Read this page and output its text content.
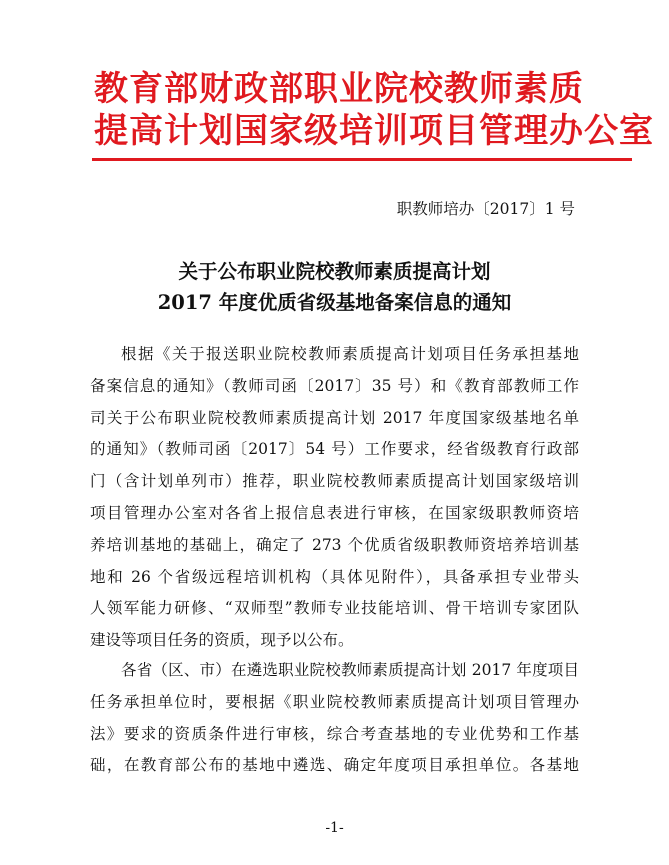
教育部财政部职业院校教师素质
提高计划国家级培训项目管理办公室
职教师培办〔2017〕1 号
关于公布职业院校教师素质提高计划
2017 年度优质省级基地备案信息的通知
根据《关于报送职业院校教师素质提高计划项目任务承担基地
备案信息的通知》（教师司函〔2017〕35 号）和《教育部教师工作
司关于公布职业院校教师素质提高计划 2017 年度国家级基地名单
的通知》（教师司函〔2017〕54 号）工作要求，经省级教育行政部
门（含计划单列市）推荐，职业院校教师素质提高计划国家级培训
项目管理办公室对各省上报信息表进行审核，在国家级职教师资培
养培训基地的基础上，确定了 273 个优质省级职教师资培养培训基
地和 26 个省级远程培训机构（具体见附件），具备承担专业带头
人领军能力研修、“双师型”教师专业技能培训、骨干培训专家团队
建设等项目任务的资质，现予以公布。
各省（区、市）在遴选职业院校教师素质提高计划 2017 年度项目
任务承担单位时，要根据《职业院校教师素质提高计划项目管理办
法》要求的资质条件进行审核，综合考查基地的专业优势和工作基
础，在教育部公布的基地中遴选、确定年度项目承担单位。各基地
-1-
